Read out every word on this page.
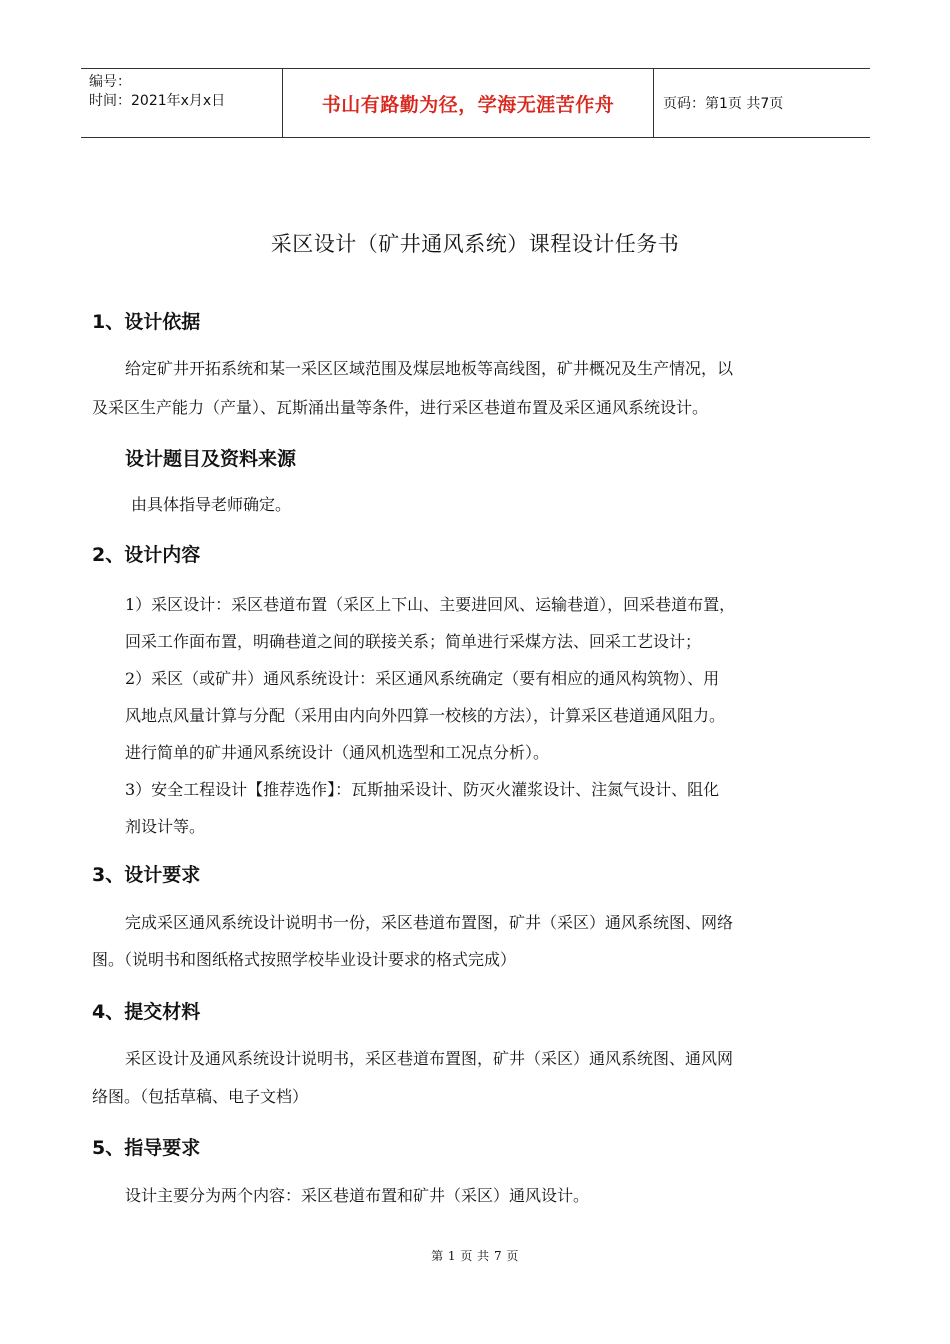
编号：
时间：2021年x月x日	书山有路勤为径，学海无涯苦作舟	页码：第1页 共7页
采区设计（矿井通风系统）课程设计任务书
1、设计依据
给定矿井开拓系统和某一采区区域范围及煤层地板等高线图，矿井概况及生产情况，以
及采区生产能力（产量）、瓦斯涌出量等条件，进行采区巷道布置及采区通风系统设计。
设计题目及资料来源
由具体指导老师确定。
2、设计内容
1）采区设计：采区巷道布置（采区上下山、主要进回风、运输巷道），回采巷道布置，
回采工作面布置，明确巷道之间的联接关系；简单进行采煤方法、回采工艺设计；
2）采区（或矿井）通风系统设计：采区通风系统确定（要有相应的通风构筑物）、用
风地点风量计算与分配（采用由内向外四算一校核的方法），计算采区巷道通风阻力。
进行简单的矿井通风系统设计（通风机选型和工况点分析）。
3）安全工程设计【推荐选作】：瓦斯抽采设计、防灭火灌浆设计、注氮气设计、阻化
剂设计等。
3、设计要求
完成采区通风系统设计说明书一份，采区巷道布置图，矿井（采区）通风系统图、网络
图。（说明书和图纸格式按照学校毕业设计要求的格式完成）
4、提交材料
采区设计及通风系统设计说明书，采区巷道布置图，矿井（采区）通风系统图、通风网
络图。（包括草稿、电子文档）
5、指导要求
设计主要分为两个内容：采区巷道布置和矿井（采区）通风设计。
第 1 页 共 7 页
